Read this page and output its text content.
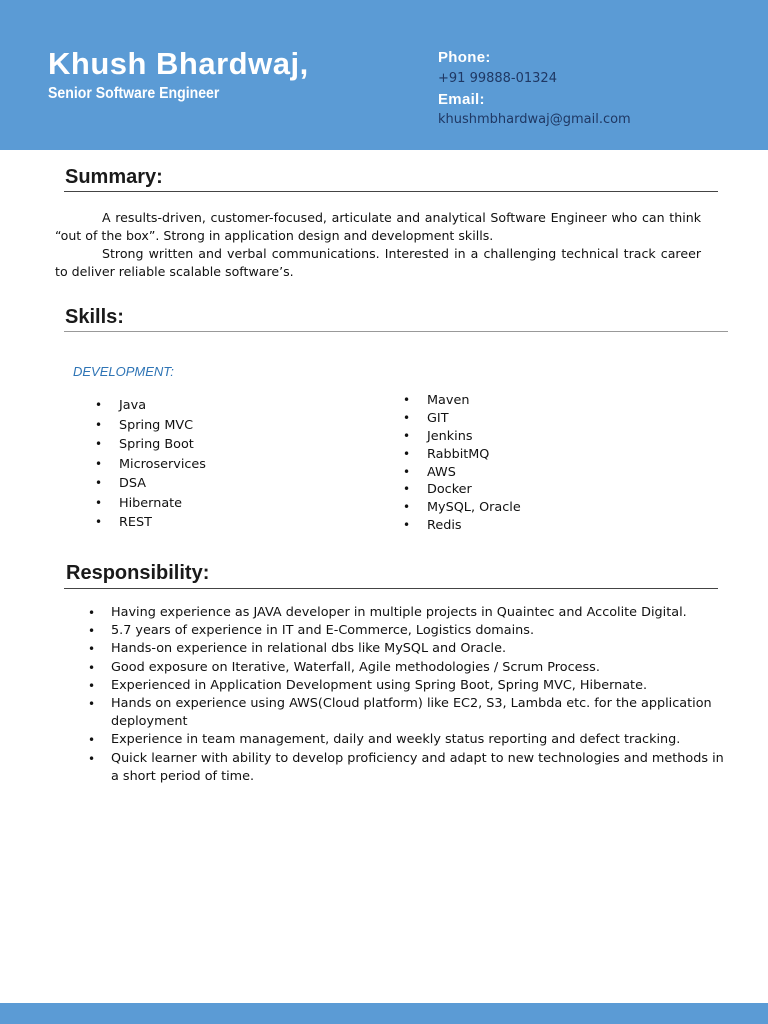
Khush Bhardwaj,
Senior Software Engineer
Phone:
+91 99888-01324
Email:
khushmbhardwaj@gmail.com
Summary:

A results-driven, customer-focused, articulate and analytical Software Engineer who can think “out of the box”. Strong in application design and development skills.

Strong written and verbal communications. Interested in a challenging technical track career to deliver reliable scalable software’s.

Skills:
DEVELOPMENT:
• Java
• Spring MVC
• Spring Boot
• Microservices
• DSA
• Hibernate
• REST
• Maven
• GIT
• Jenkins
• RabbitMQ
• AWS
• Docker
• MySQL, Oracle
• Redis
Responsibility:
• Having experience as JAVA developer in multiple projects in Quaintec and Accolite Digital.
• 5.7 years of experience in IT and E-Commerce, Logistics domains.
• Hands-on experience in relational dbs like MySQL and Oracle.
• Good exposure on Iterative, Waterfall, Agile methodologies / Scrum Process.
• Experienced in Application Development using Spring Boot, Spring MVC, Hibernate.
• Hands on experience using AWS(Cloud platform) like EC2, S3, Lambda etc. for the application deployment
• Experience in team management, daily and weekly status reporting and defect tracking.
• Quick learner with ability to develop proficiency and adapt to new technologies and methods in a short period of time.
